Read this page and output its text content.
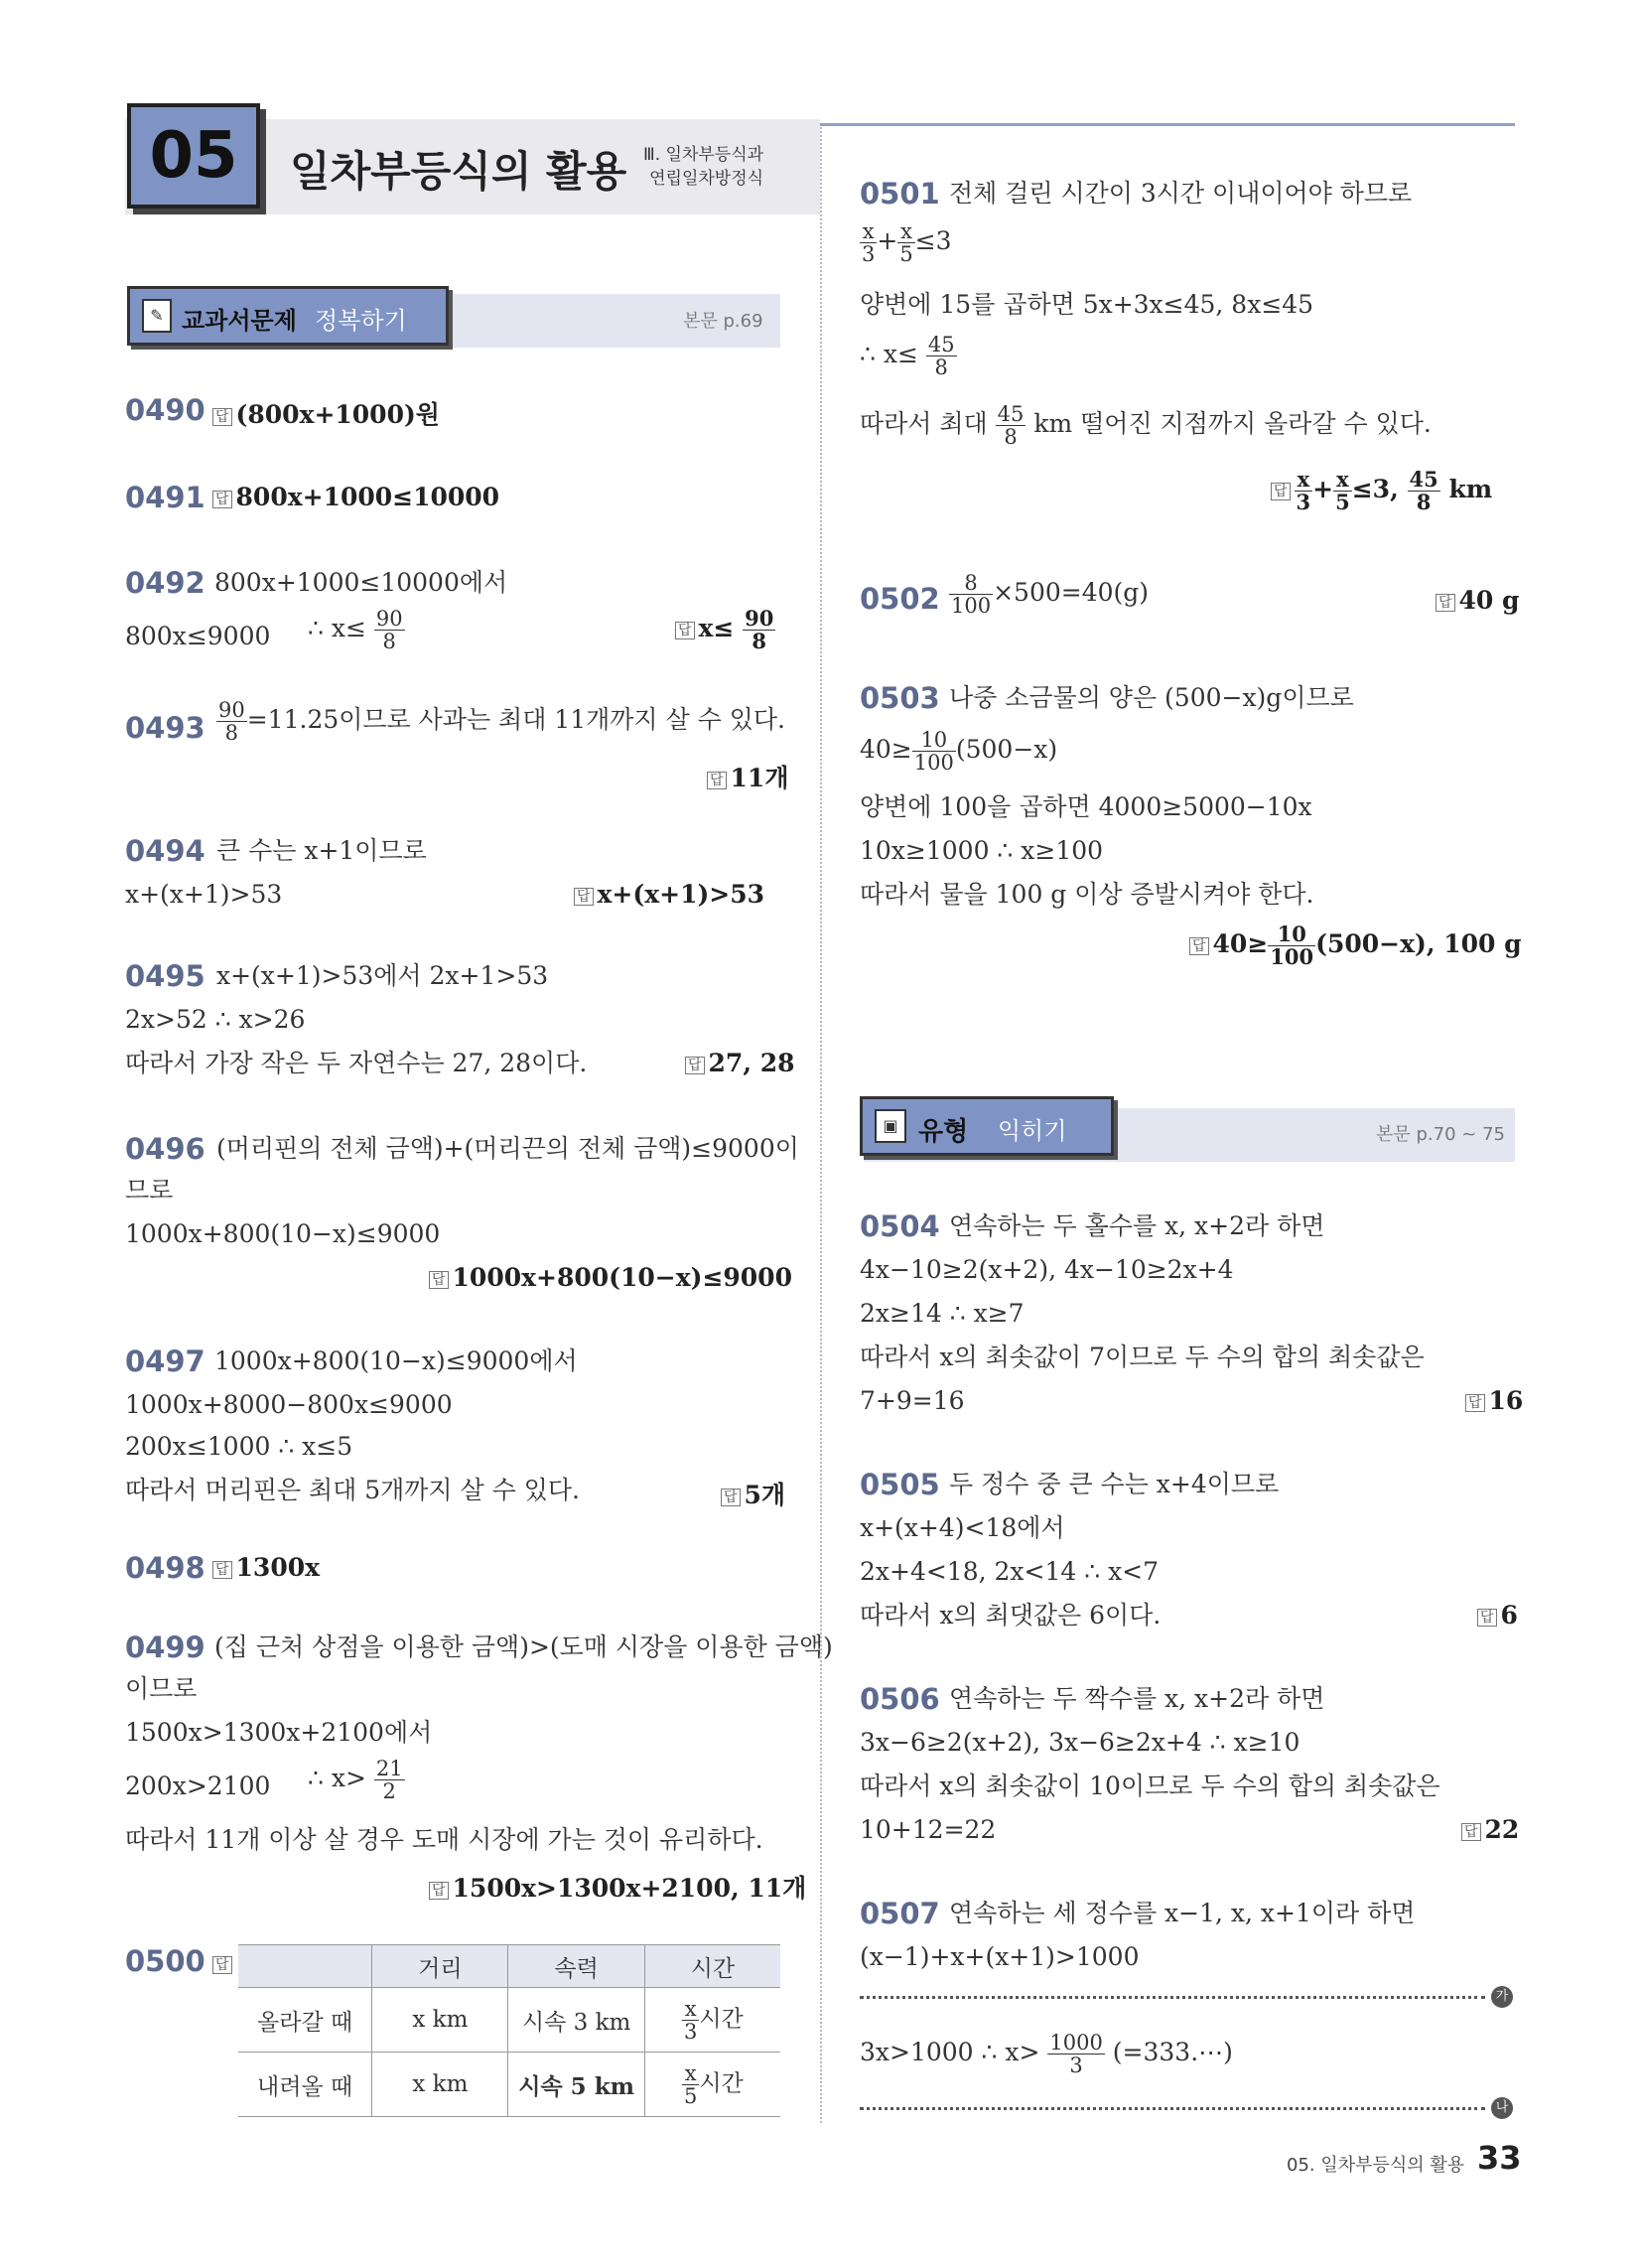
05	일차부등식의 활용 Ⅲ. 일차부등식과
연립일차방정식
✎ 교과서문제 정복하기	본문 p.69
0490 답 (800x+1000)원
0491 답 800x+1000≤10000
0492 800x+1000≤10000에서
800x≤9000 ∴ $x\le \frac{90}{8}$	답 $x\le \frac{90}{8}$
$0493 \frac{90}{8} =11.25$이므로 사과는 최대 11개까지 살 수 있다.
답 11개
0494 큰 수는 x+1이므로
x+(x+1)>53	답 x+(x+1)>53
0495 x+(x+1)>53에서 2x+1>53
2x>52 ∴ x>26
따라서 가장 작은 두 자연수는 27, 28이다.	답 27, 28
0496 (머리핀의 전체 금액)+(머리끈의 전체 금액)≤9000이
므로
1000x+800(10−x)≤9000
답 1000x+800(10−x)≤9000
0497 1000x+800(10−x)≤9000에서
1000x+8000−800x≤9000
200x≤1000 ∴ x≤5
따라서 머리핀은 최대 5개까지 살 수 있다.	답 5개
0498 답 1300x
0499 (집 근처 상점을 이용한 금액)>(도매 시장을 이용한 금액)
이므로
1500x>1300x+2100에서
200x>2100 ∴ $x> \frac{21}{2}$
따라서 11개 이상 살 경우 도매 시장에 가는 것이 유리하다.
답 1500x>1300x+2100, 11개
0500 답
		거리	속력	시간
올라갈 때	x km	시속 3 km	$\frac{x}{3}$ 시간
내려올 때	x km	시속 5 km	$\frac{x}{5}$ 시간
0501 전체 걸린 시간이 3시간 이내이어야 하므로
$\frac{x}{3} + \frac{x}{5} \le 3$
양변에 15를 곱하면 5x+3x≤45, 8x≤45
∴ $x\le \frac{45}{8}$
따라서 최대 $\frac{45}{8}$ km 떨어진 지점까지 올라갈 수 있다.
답 $\frac{x}{3} + \frac{x}{5} \le 3$, $\frac{45}{8}$ km
$0502 \frac{8}{100} \times 500=40(g)$	답 40 g
0503 나중 소금물의 양은 (500−x)g이므로
$40\ge \frac{10}{100} (500-x)$
양변에 100을 곱하면 4000≥5000−10x
10x≥1000 ∴ x≥100
따라서 물을 100 g 이상 증발시켜야 한다.
답 $40\ge \frac{10}{100} (500-x)$, 100 g
▣ 유형 익히기	본문 p.70 ~ 75
0504 연속하는 두 홀수를 x, x+2라 하면
4x−10≥2(x+2), 4x−10≥2x+4
2x≥14 ∴ x≥7
따라서 x의 최솟값이 7이므로 두 수의 합의 최솟값은
7+9=16	답 16
0505 두 정수 중 큰 수는 x+4이므로
x+(x+4)<18에서
2x+4<18, 2x<14 ∴ x<7
따라서 x의 최댓값은 6이다.	답 6
0506 연속하는 두 짝수를 x, x+2라 하면
3x−6≥2(x+2), 3x−6≥2x+4 ∴ x≥10
따라서 x의 최솟값이 10이므로 두 수의 합의 최솟값은
10+12=22	답 22
0507 연속하는 세 정수를 x−1, x, x+1이라 하면
(x−1)+x+(x+1)>1000
가
3x>1000 ∴ $x> \frac{1000}{3}$ (=333.⋯)
나
05. 일차부등식의 활용 33
